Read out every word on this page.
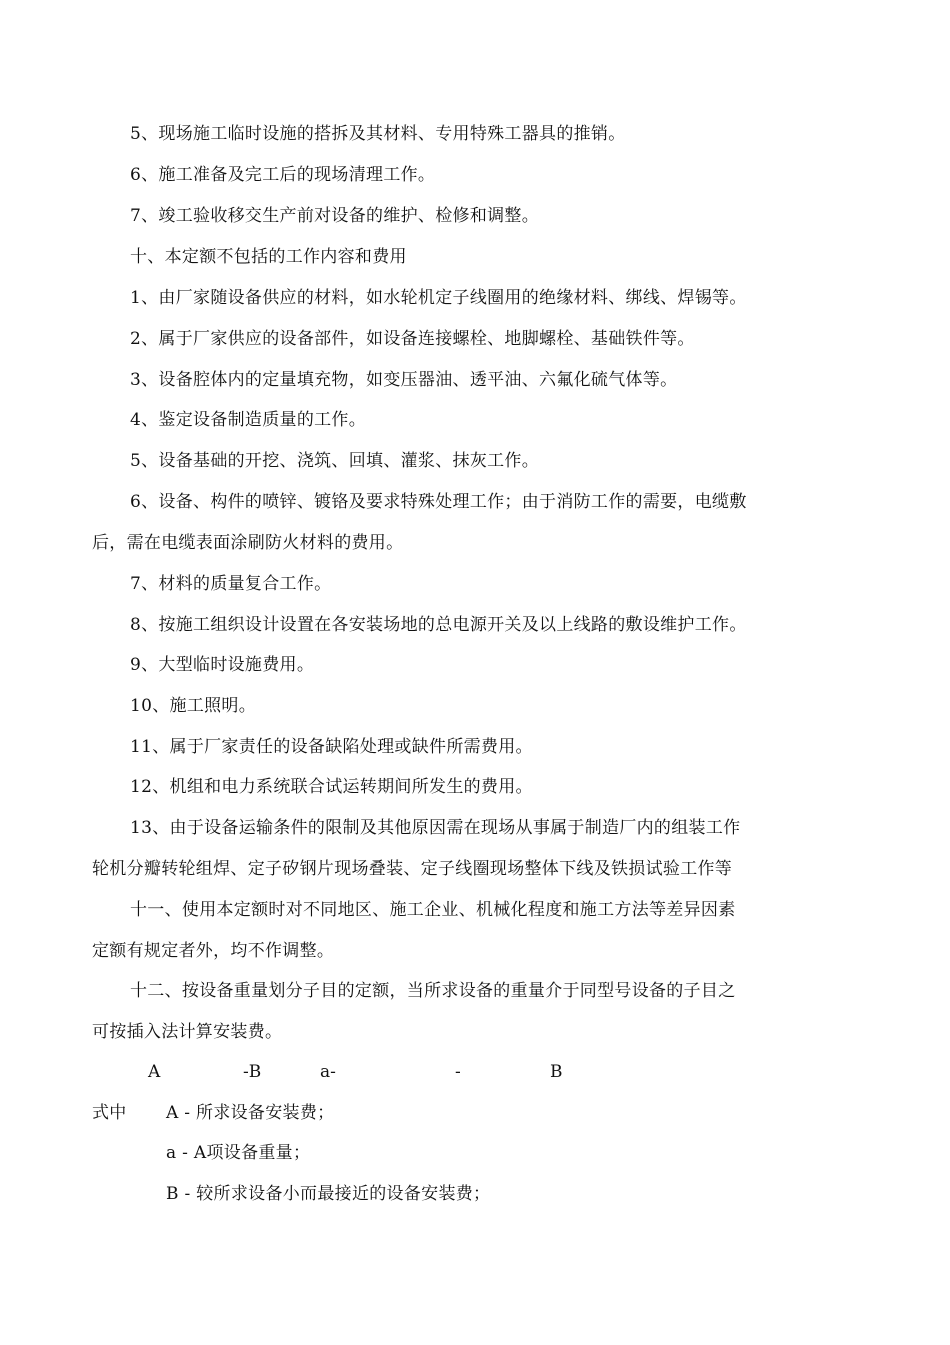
5、现场施工临时设施的搭拆及其材料、专用特殊工器具的推销。
6、施工准备及完工后的现场清理工作。
7、竣工验收移交生产前对设备的维护、检修和调整。
十、本定额不包括的工作内容和费用
1、由厂家随设备供应的材料，如水轮机定子线圈用的绝缘材料、绑线、焊锡等。
2、属于厂家供应的设备部件，如设备连接螺栓、地脚螺栓、基础铁件等。
3、设备腔体内的定量填充物，如变压器油、透平油、六氟化硫气体等。
4、鉴定设备制造质量的工作。
5、设备基础的开挖、浇筑、回填、灌浆、抹灰工作。
6、设备、构件的喷锌、镀铬及要求特殊处理工作；由于消防工作的需要，电缆敷
后，需在电缆表面涂刷防火材料的费用。
7、材料的质量复合工作。
8、按施工组织设计设置在各安装场地的总电源开关及以上线路的敷设维护工作。
9、大型临时设施费用。
10、施工照明。
11、属于厂家责任的设备缺陷处理或缺件所需费用。
12、机组和电力系统联合试运转期间所发生的费用。
13、由于设备运输条件的限制及其他原因需在现场从事属于制造厂内的组装工作
轮机分瓣转轮组焊、定子矽钢片现场叠装、定子线圈现场整体下线及铁损试验工作等
十一、使用本定额时对不同地区、施工企业、机械化程度和施工方法等差异因素
定额有规定者外，均不作调整。
十二、按设备重量划分子目的定额，当所求设备的重量介于同型号设备的子目之
可按插入法计算安装费。
A	-B	a-	-	B
式中 A - 所求设备安装费；
a - A项设备重量；
B - 较所求设备小而最接近的设备安装费；
